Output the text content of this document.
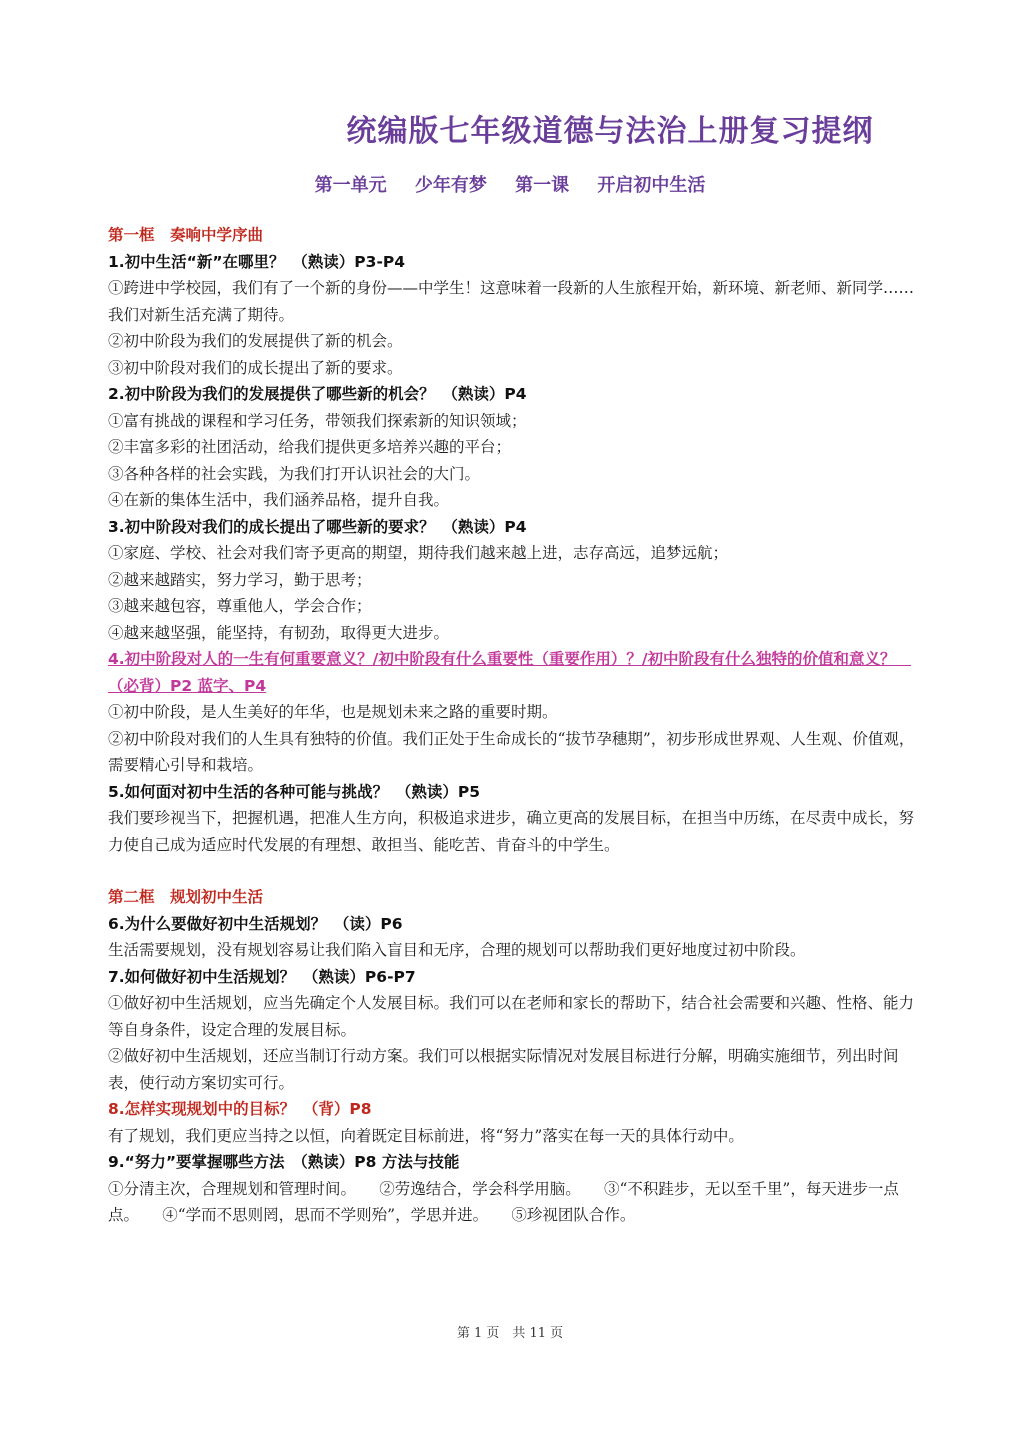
统编版七年级道德与法治上册复习提纲
第一单元 少年有梦 第一课 开启初中生活
第一框　奏响中学序曲
1.初中生活“新”在哪里？　（熟读）P3-P4
①跨进中学校园，我们有了一个新的身份——中学生！这意味着一段新的人生旅程开始，新环境、新老师、新同学……我们对新生活充满了期待。
②初中阶段为我们的发展提供了新的机会。
③初中阶段对我们的成长提出了新的要求。
2.初中阶段为我们的发展提供了哪些新的机会？　（熟读）P4
①富有挑战的课程和学习任务，带领我们探索新的知识领域；
②丰富多彩的社团活动，给我们提供更多培养兴趣的平台；
③各种各样的社会实践，为我们打开认识社会的大门。
④在新的集体生活中，我们涵养品格，提升自我。
3.初中阶段对我们的成长提出了哪些新的要求？　（熟读）P4
①家庭、学校、社会对我们寄予更高的期望，期待我们越来越上进，志存高远，追梦远航；
②越来越踏实，努力学习，勤于思考；
③越来越包容，尊重他人，学会合作；
④越来越坚强，能坚持，有韧劲，取得更大进步。
4.初中阶段对人的一生有何重要意义？/初中阶段有什么重要性（重要作用）？/初中阶段有什么独特的价值和意义？　（必背）P2 蓝字、P4
①初中阶段，是人生美好的年华，也是规划未来之路的重要时期。
②初中阶段对我们的人生具有独特的价值。我们正处于生命成长的“拔节孕穗期”，初步形成世界观、人生观、价值观，需要精心引导和栽培。
5.如何面对初中生活的各种可能与挑战？　（熟读）P5
我们要珍视当下，把握机遇，把准人生方向，积极追求进步，确立更高的发展目标，在担当中历练，在尽责中成长，努力使自己成为适应时代发展的有理想、敢担当、能吃苦、肯奋斗的中学生。
第二框　规划初中生活
6.为什么要做好初中生活规划？　（读）P6
生活需要规划，没有规划容易让我们陷入盲目和无序，合理的规划可以帮助我们更好地度过初中阶段。
7.如何做好初中生活规划？　（熟读）P6-P7
①做好初中生活规划，应当先确定个人发展目标。我们可以在老师和家长的帮助下，结合社会需要和兴趣、性格、能力等自身条件，设定合理的发展目标。
②做好初中生活规划，还应当制订行动方案。我们可以根据实际情况对发展目标进行分解，明确实施细节，列出时间表，使行动方案切实可行。
8.怎样实现规划中的目标？　（背）P8
有了规划，我们更应当持之以恒，向着既定目标前进，将“努力”落实在每一天的具体行动中。
9.“努力”要掌握哪些方法　（熟读）P8 方法与技能
①分清主次，合理规划和管理时间。　　②劳逸结合，学会科学用脑。　　③“不积跬步，无以至千里”，每天进步一点点。　　④“学而不思则罔，思而不学则殆”，学思并进。　　⑤珍视团队合作。
第 1 页　共 11 页
